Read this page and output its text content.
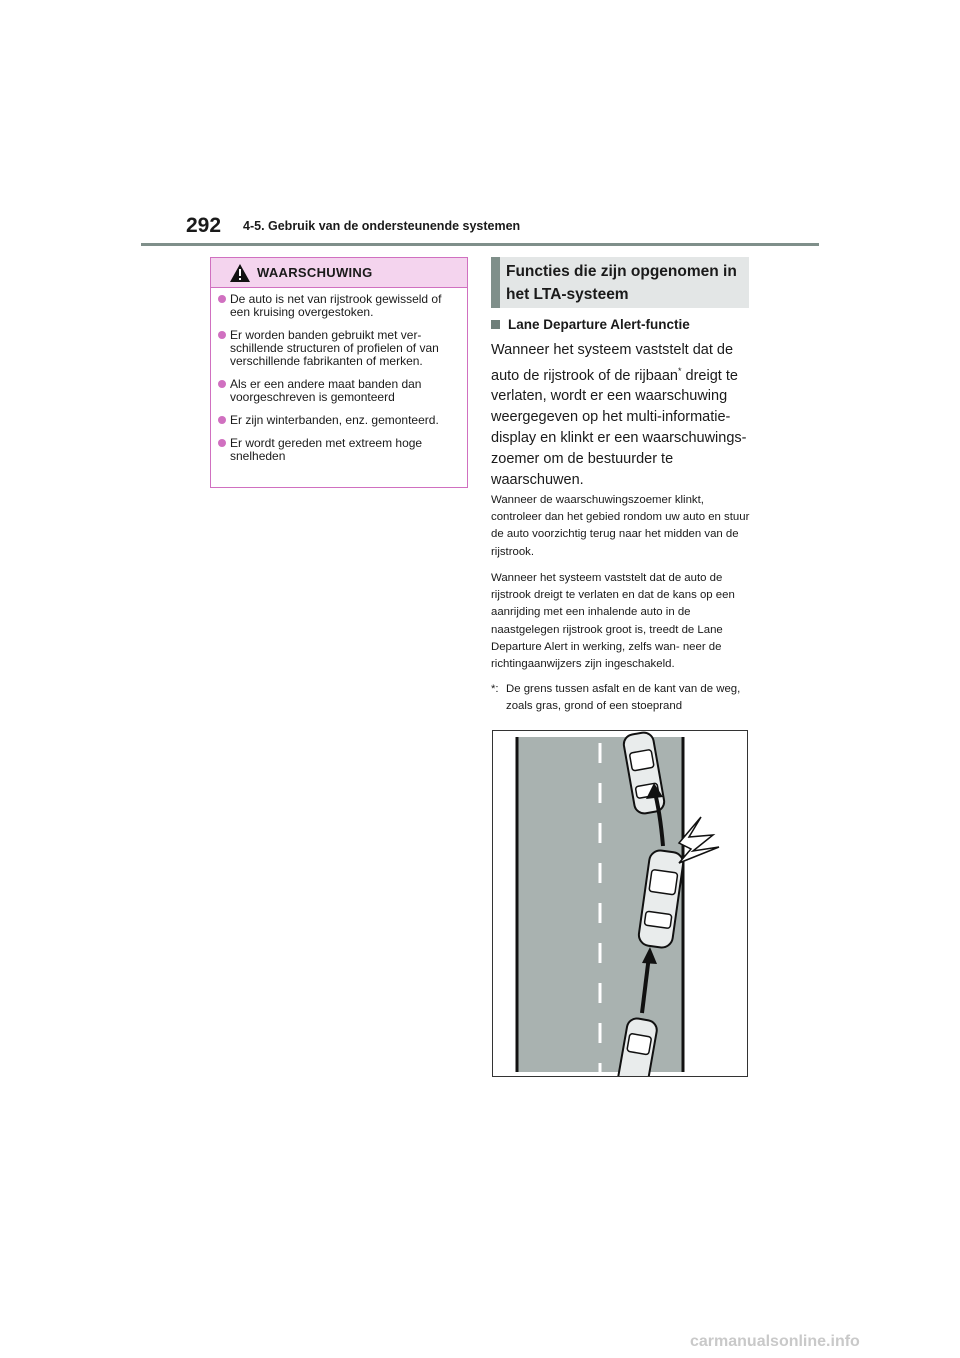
292 4-5. Gebruik van de ondersteunende systemen
WAARSCHUWING
De auto is net van rijstrook gewisseld of een kruising overgestoken.
Er worden banden gebruikt met ver- schillende structuren of profielen of van verschillende fabrikanten of merken.
Als er een andere maat banden dan voorgeschreven is gemonteerd
Er zijn winterbanden, enz. gemonteerd.
Er wordt gereden met extreem hoge snelheden
Functies die zijn opgenomen in het LTA-systeem
Lane Departure Alert-functie

Wanneer het systeem vaststelt dat de auto de rijstrook of de rijbaan* dreigt te verlaten, wordt er een waarschuwing weergegeven op het multi-informatie- display en klinkt er een waarschuwings- zoemer om de bestuurder te waarschuwen.

Wanneer de waarschuwingszoemer klinkt, controleer dan het gebied rondom uw auto en stuur de auto voorzichtig terug naar het midden van de rijstrook.

Wanneer het systeem vaststelt dat de auto de rijstrook dreigt te verlaten en dat de kans op een aanrijding met een inhalende auto in de naastgelegen rijstrook groot is, treedt de Lane Departure Alert in werking, zelfs wan- neer de richtingaanwijzers zijn ingeschakeld.

*: De grens tussen asfalt en de kant van de weg, zoals gras, grond of een stoeprand
carmanualsonline.info
